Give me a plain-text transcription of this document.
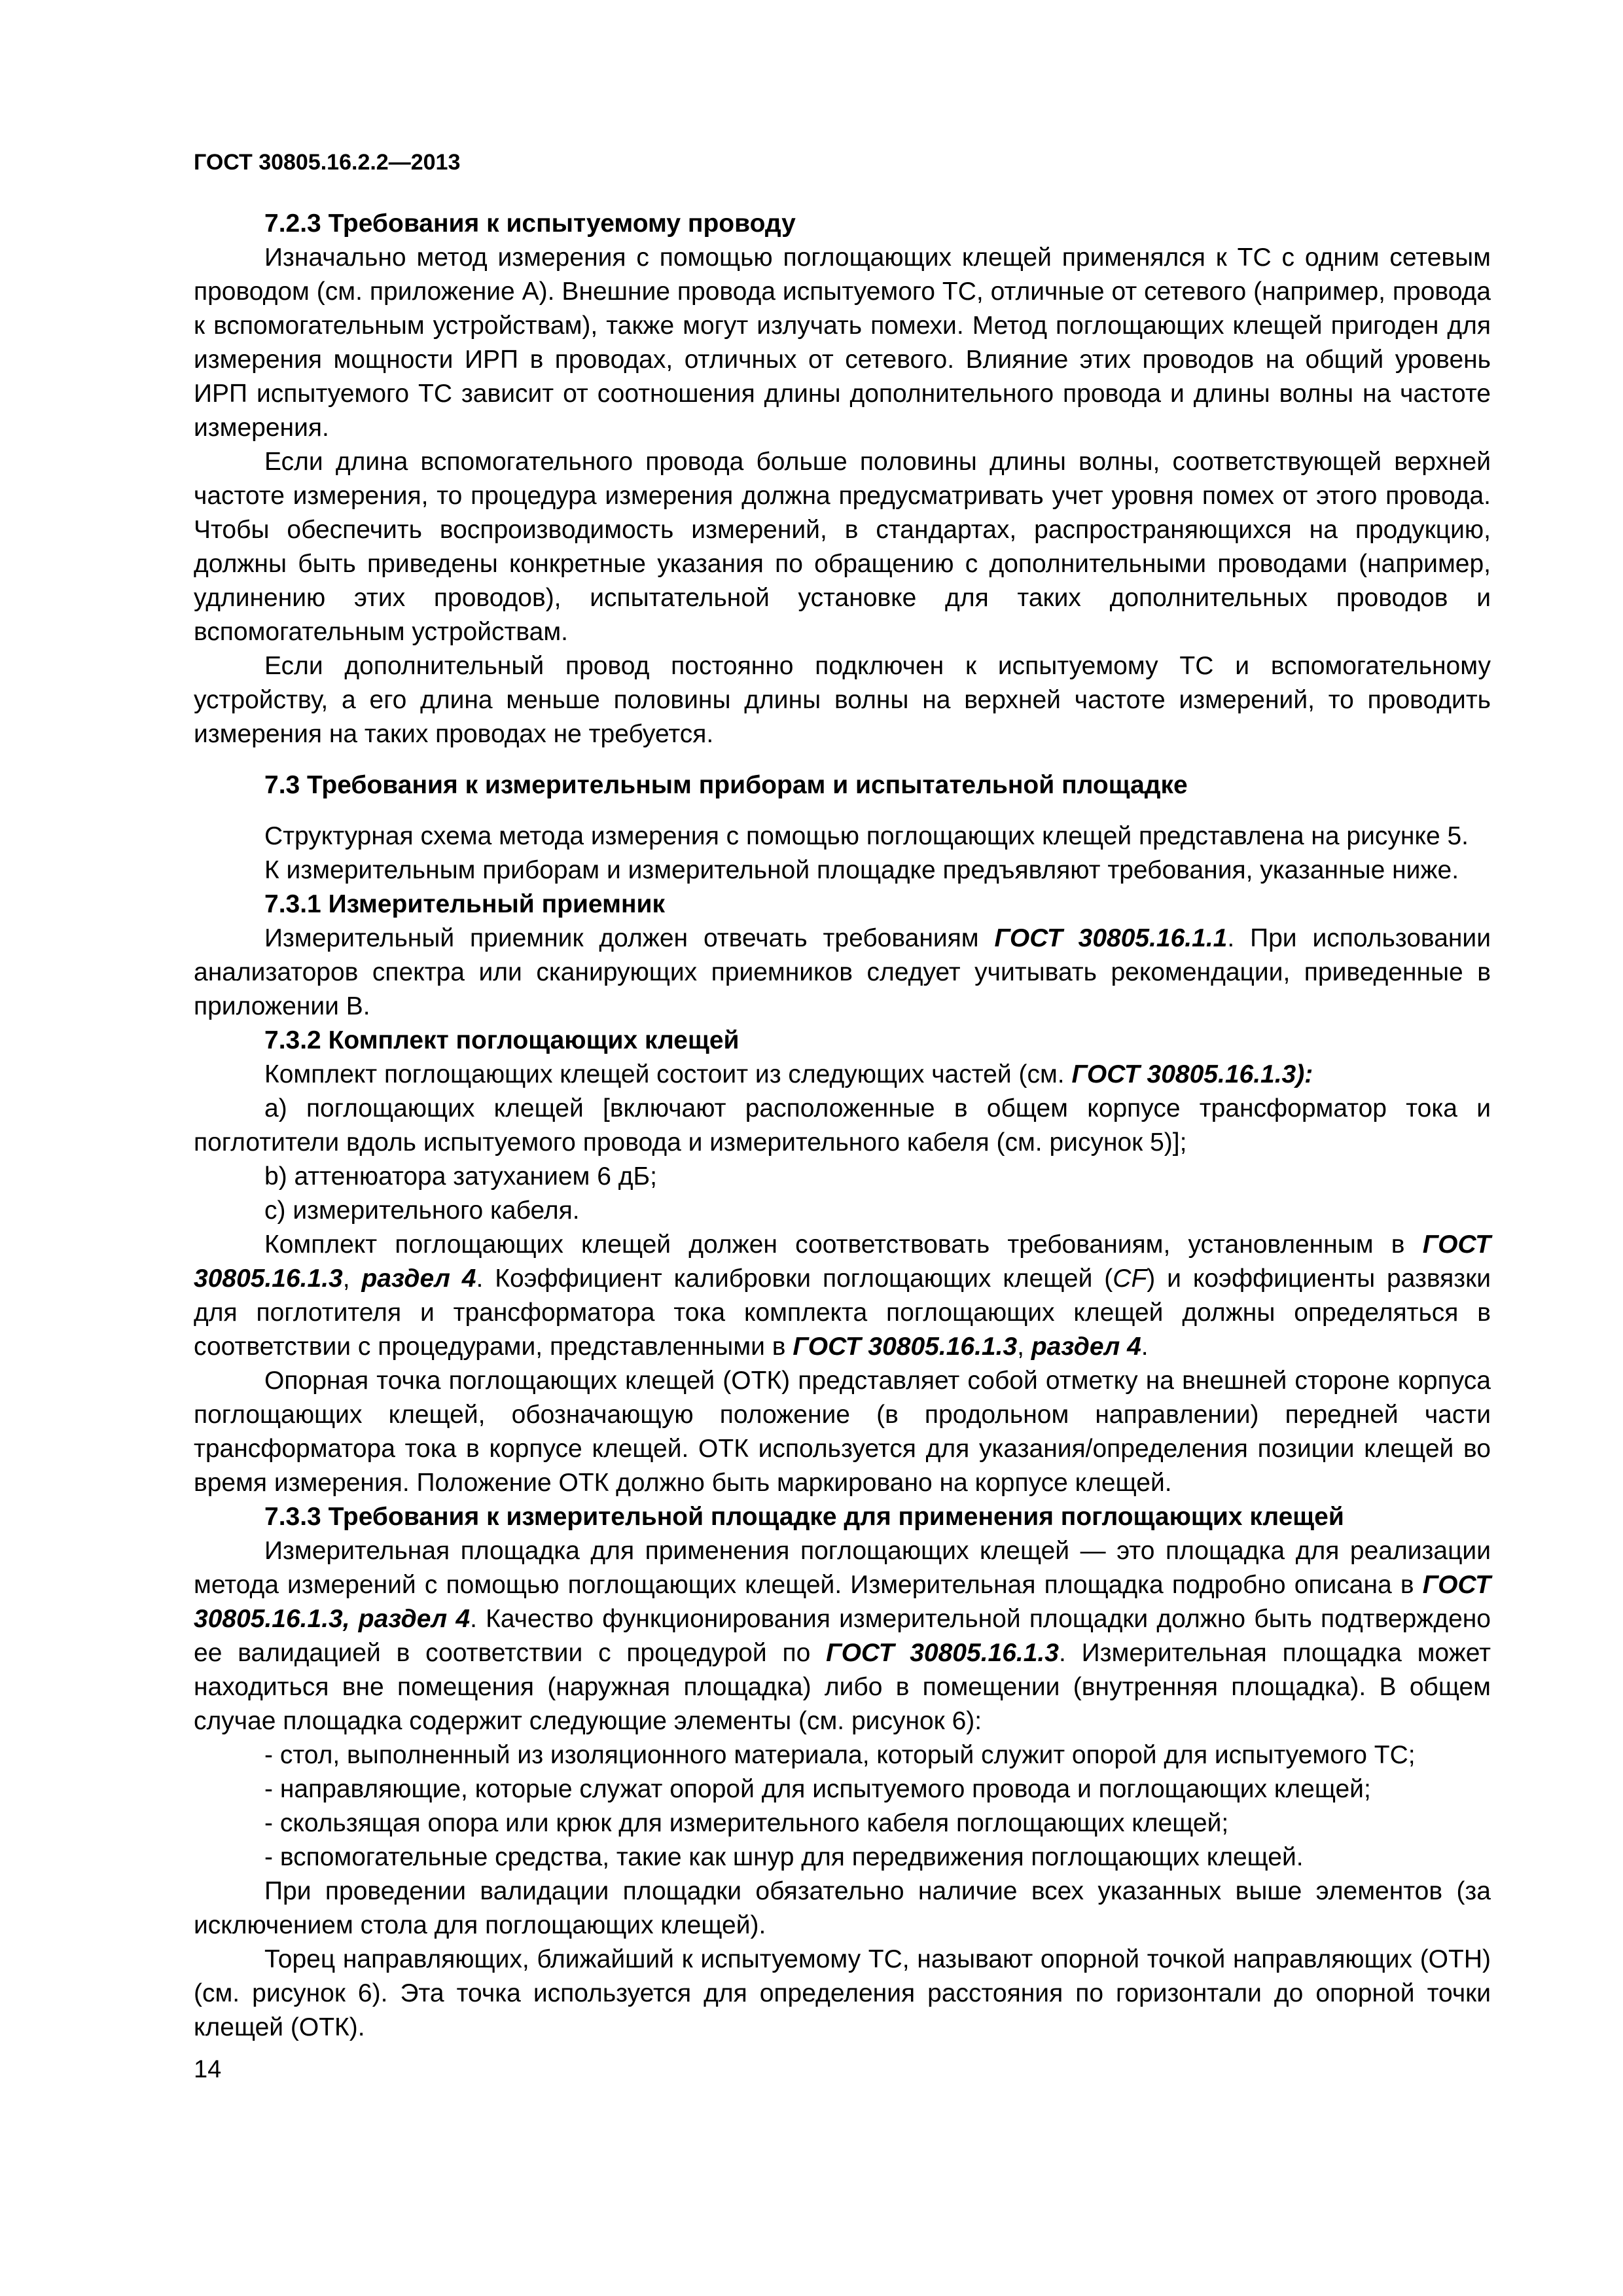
ГОСТ 30805.16.2.2—2013
7.2.3 Требования к испытуемому проводу

Изначально метод измерения с помощью поглощающих клещей применялся к ТС с одним сетевым проводом (см. приложение А). Внешние провода испытуемого ТС, отличные от сетевого (например, провода к вспомогательным устройствам), также могут излучать помехи. Метод поглощающих клещей пригоден для измерения мощности ИРП в проводах, отличных от сетевого. Влияние этих проводов на общий уровень ИРП испытуемого ТС зависит от соотношения длины дополнительного провода и длины волны на частоте измерения.

Если длина вспомогательного провода больше половины длины волны, соответствующей верхней частоте измерения, то процедура измерения должна предусматривать учет уровня помех от этого провода. Чтобы обеспечить воспроизводимость измерений, в стандартах, распространяющихся на продукцию, должны быть приведены конкретные указания по обращению с дополнительными проводами (например, удлинению этих проводов), испытательной установке для таких дополнительных проводов и вспомогательным устройствам.

Если дополнительный провод постоянно подключен к испытуемому ТС и вспомогательному устройству, а его длина меньше половины длины волны на верхней частоте измерений, то проводить измерения на таких проводах не требуется.

7.3 Требования к измерительным приборам и испытательной площадке

Структурная схема метода измерения с помощью поглощающих клещей представлена на рисунке 5.

К измерительным приборам и измерительной площадке предъявляют требования, указанные ниже.

7.3.1 Измерительный приемник

Измерительный приемник должен отвечать требованиям ГОСТ 30805.16.1.1. При использовании анализаторов спектра или сканирующих приемников следует учитывать рекомендации, приведенные в приложении В.

7.3.2 Комплект поглощающих клещей

Комплект поглощающих клещей состоит из следующих частей (см. ГОСТ 30805.16.1.3):

а) поглощающих клещей [включают расположенные в общем корпусе трансформатор тока и поглотители вдоль испытуемого провода и измерительного кабеля (см. рисунок 5)];

b) аттенюатора затуханием 6 дБ;

с) измерительного кабеля.

Комплект поглощающих клещей должен соответствовать требованиям, установленным в ГОСТ 30805.16.1.3, раздел 4. Коэффициент калибровки поглощающих клещей (CF) и коэффициенты развязки для поглотителя и трансформатора тока комплекта поглощающих клещей должны определяться в соответствии с процедурами, представленными в ГОСТ 30805.16.1.3, раздел 4.

Опорная точка поглощающих клещей (ОТК) представляет собой отметку на внешней стороне корпуса поглощающих клещей, обозначающую положение (в продольном направлении) передней части трансформатора тока в корпусе клещей. ОТК используется для указания/определения позиции клещей во время измерения. Положение ОТК должно быть маркировано на корпусе клещей.

7.3.3 Требования к измерительной площадке для применения поглощающих клещей

Измерительная площадка для применения поглощающих клещей — это площадка для реализации метода измерений с помощью поглощающих клещей. Измерительная площадка подробно описана в ГОСТ 30805.16.1.3, раздел 4. Качество функционирования измерительной площадки должно быть подтверждено ее валидацией в соответствии с процедурой по ГОСТ 30805.16.1.3. Измерительная площадка может находиться вне помещения (наружная площадка) либо в помещении (внутренняя площадка). В общем случае площадка содержит следующие элементы (см. рисунок 6):

- стол, выполненный из изоляционного материала, который служит опорой для испытуемого ТС;
- направляющие, которые служат опорой для испытуемого провода и поглощающих клещей;
- скользящая опора или крюк для измерительного кабеля поглощающих клещей;
- вспомогательные средства, такие как шнур для передвижения поглощающих клещей.

При проведении валидации площадки обязательно наличие всех указанных выше элементов (за исключением стола для поглощающих клещей).

Торец направляющих, ближайший к испытуемому ТС, называют опорной точкой направляющих (ОТН) (см. рисунок 6). Эта точка используется для определения расстояния по горизонтали до опорной точки клещей (ОТК).

14
